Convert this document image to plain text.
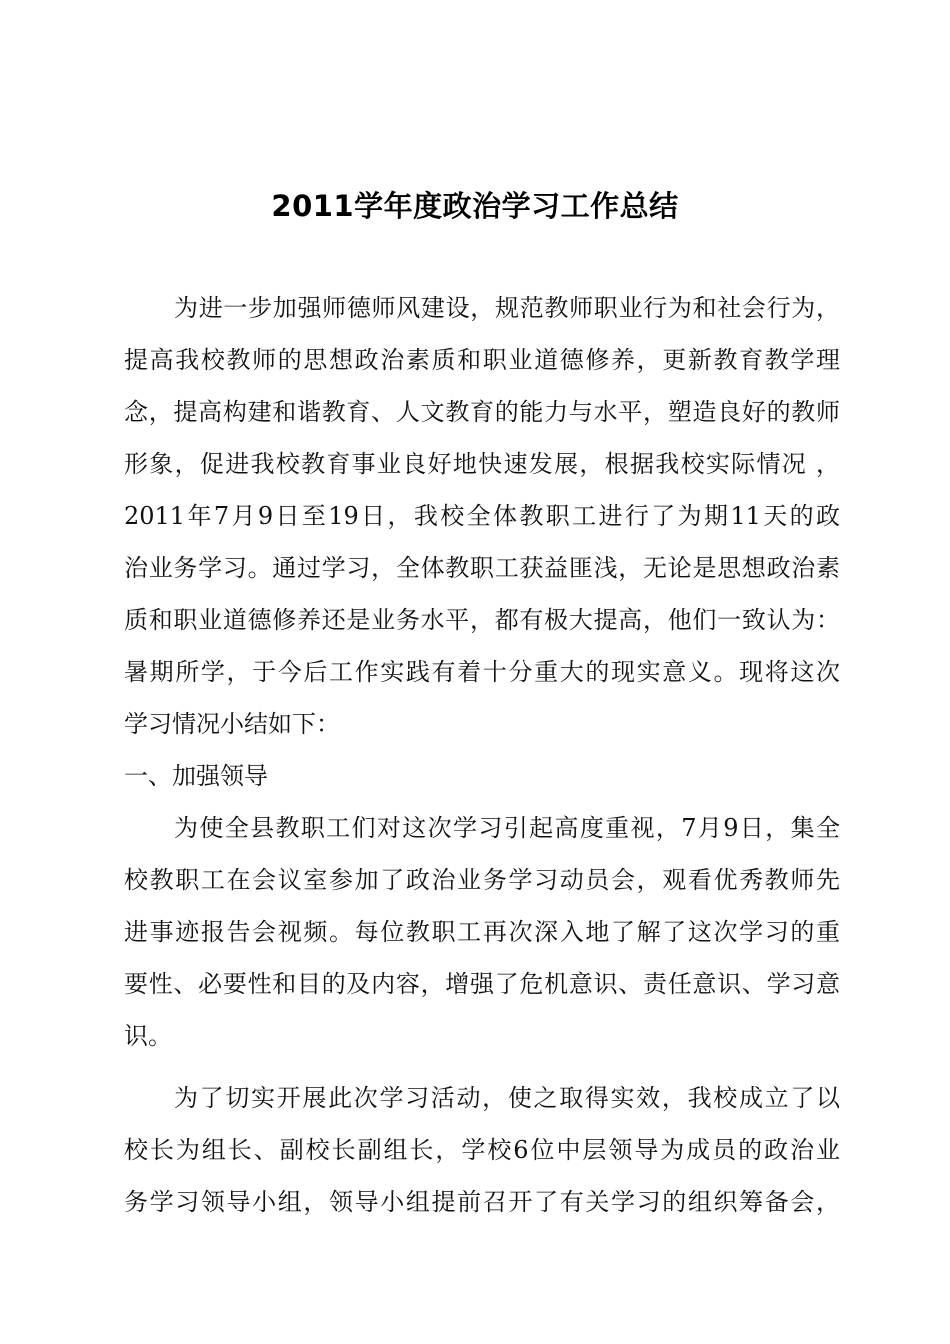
2011学年度政治学习工作总结
为进一步加强师德师风建设，规范教师职业行为和社会行为，
提高我校教师的思想政治素质和职业道德修养，更新教育教学理
念，提高构建和谐教育、人文教育的能力与水平，塑造良好的教师
形象，促进我校教育事业良好地快速发展，根据我校实际情况 ，
2011年7月9日至19日，我校全体教职工进行了为期11天的政
治业务学习。通过学习，全体教职工获益匪浅，无论是思想政治素
质和职业道德修养还是业务水平，都有极大提高，他们一致认为：
暑期所学，于今后工作实践有着十分重大的现实意义。现将这次
学习情况小结如下：
一、加强领导
为使全县教职工们对这次学习引起高度重视，7月9日，集全
校教职工在会议室参加了政治业务学习动员会，观看优秀教师先
进事迹报告会视频。每位教职工再次深入地了解了这次学习的重
要性、必要性和目的及内容，增强了危机意识、责任意识、学习意
识。
为了切实开展此次学习活动，使之取得实效，我校成立了以
校长为组长、副校长副组长，学校6位中层领导为成员的政治业
务学习领导小组，领导小组提前召开了有关学习的组织筹备会，
